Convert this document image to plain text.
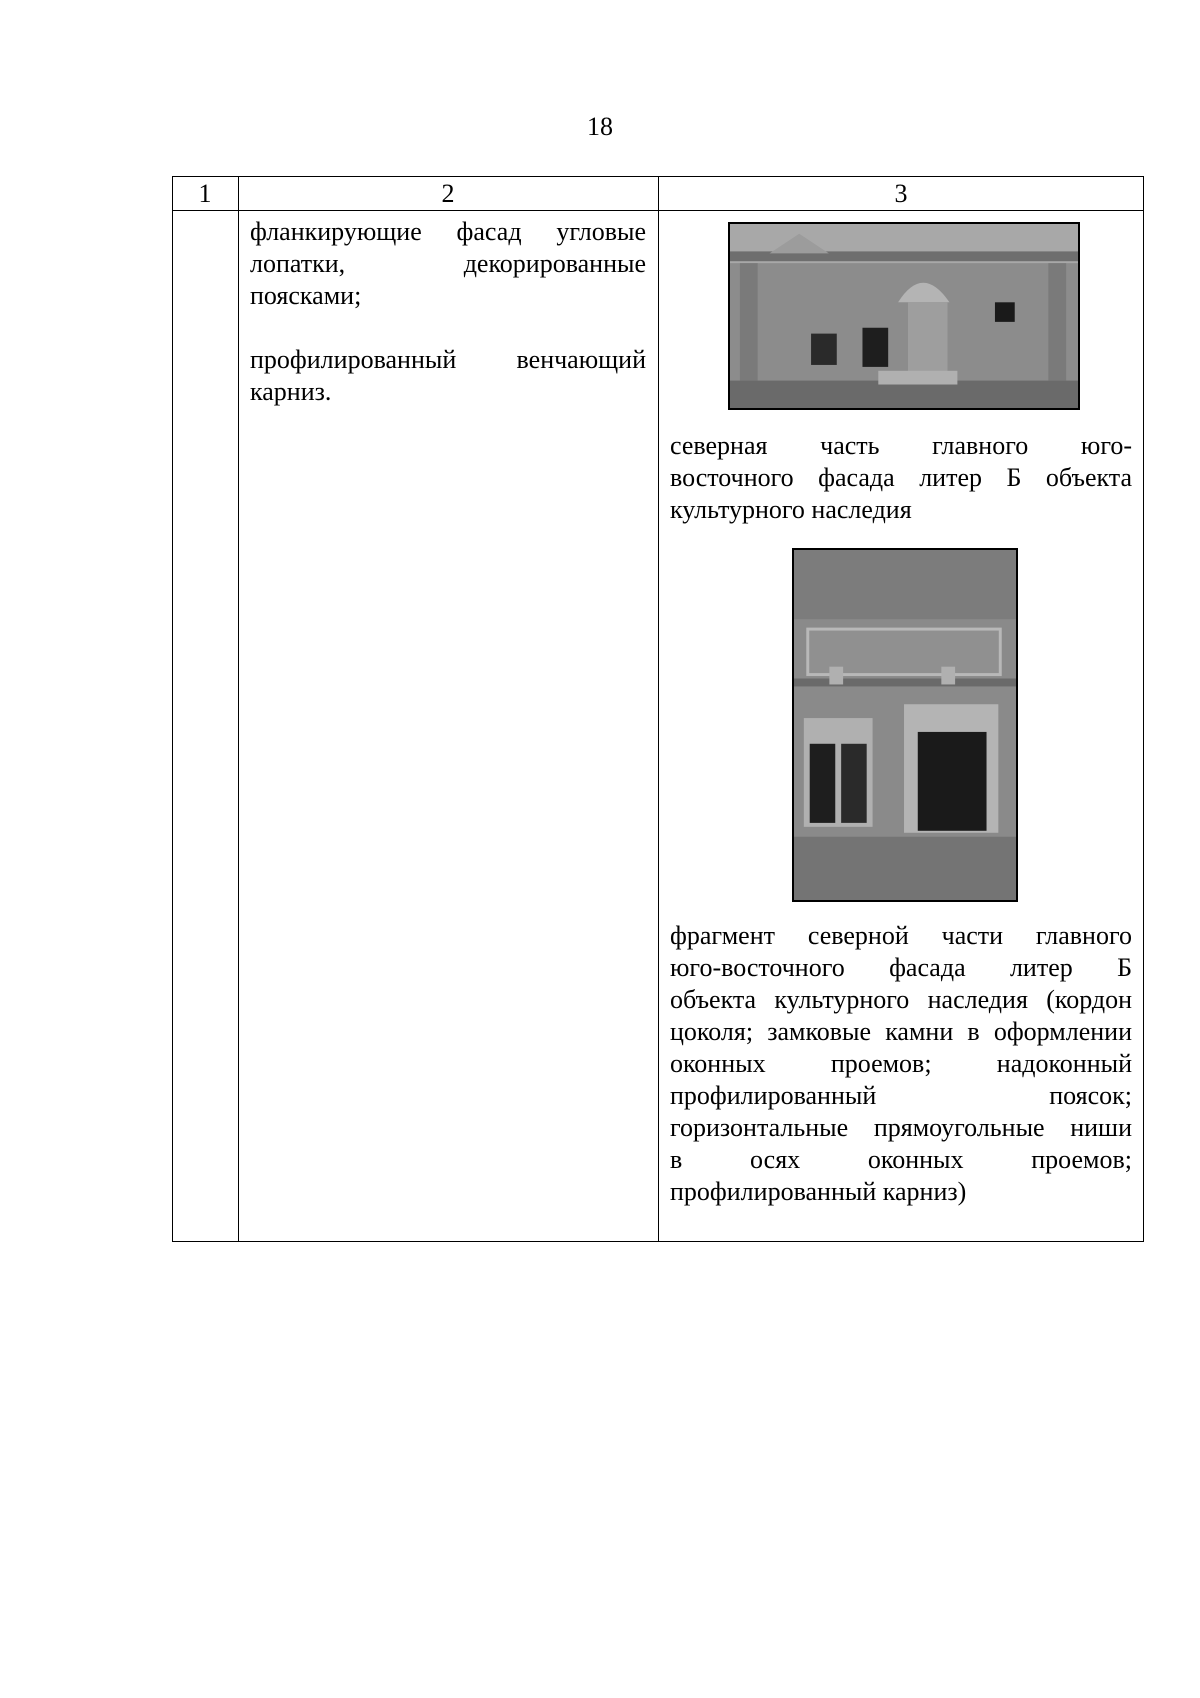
18
1	2	3
фланкирующие фасад угловые
лопатки, декорированные
поясками;
профилированный венчающий
карниз.
северная часть главного юго-
восточного фасада литер Б объекта
культурного наследия
фрагмент северной части главного
юго-восточного фасада литер Б
объекта культурного наследия (кордон
цоколя; замковые камни в оформлении
оконных проемов; надоконный
профилированный поясок;
горизонтальные прямоугольные ниши
в осях оконных проемов;
профилированный карниз)
